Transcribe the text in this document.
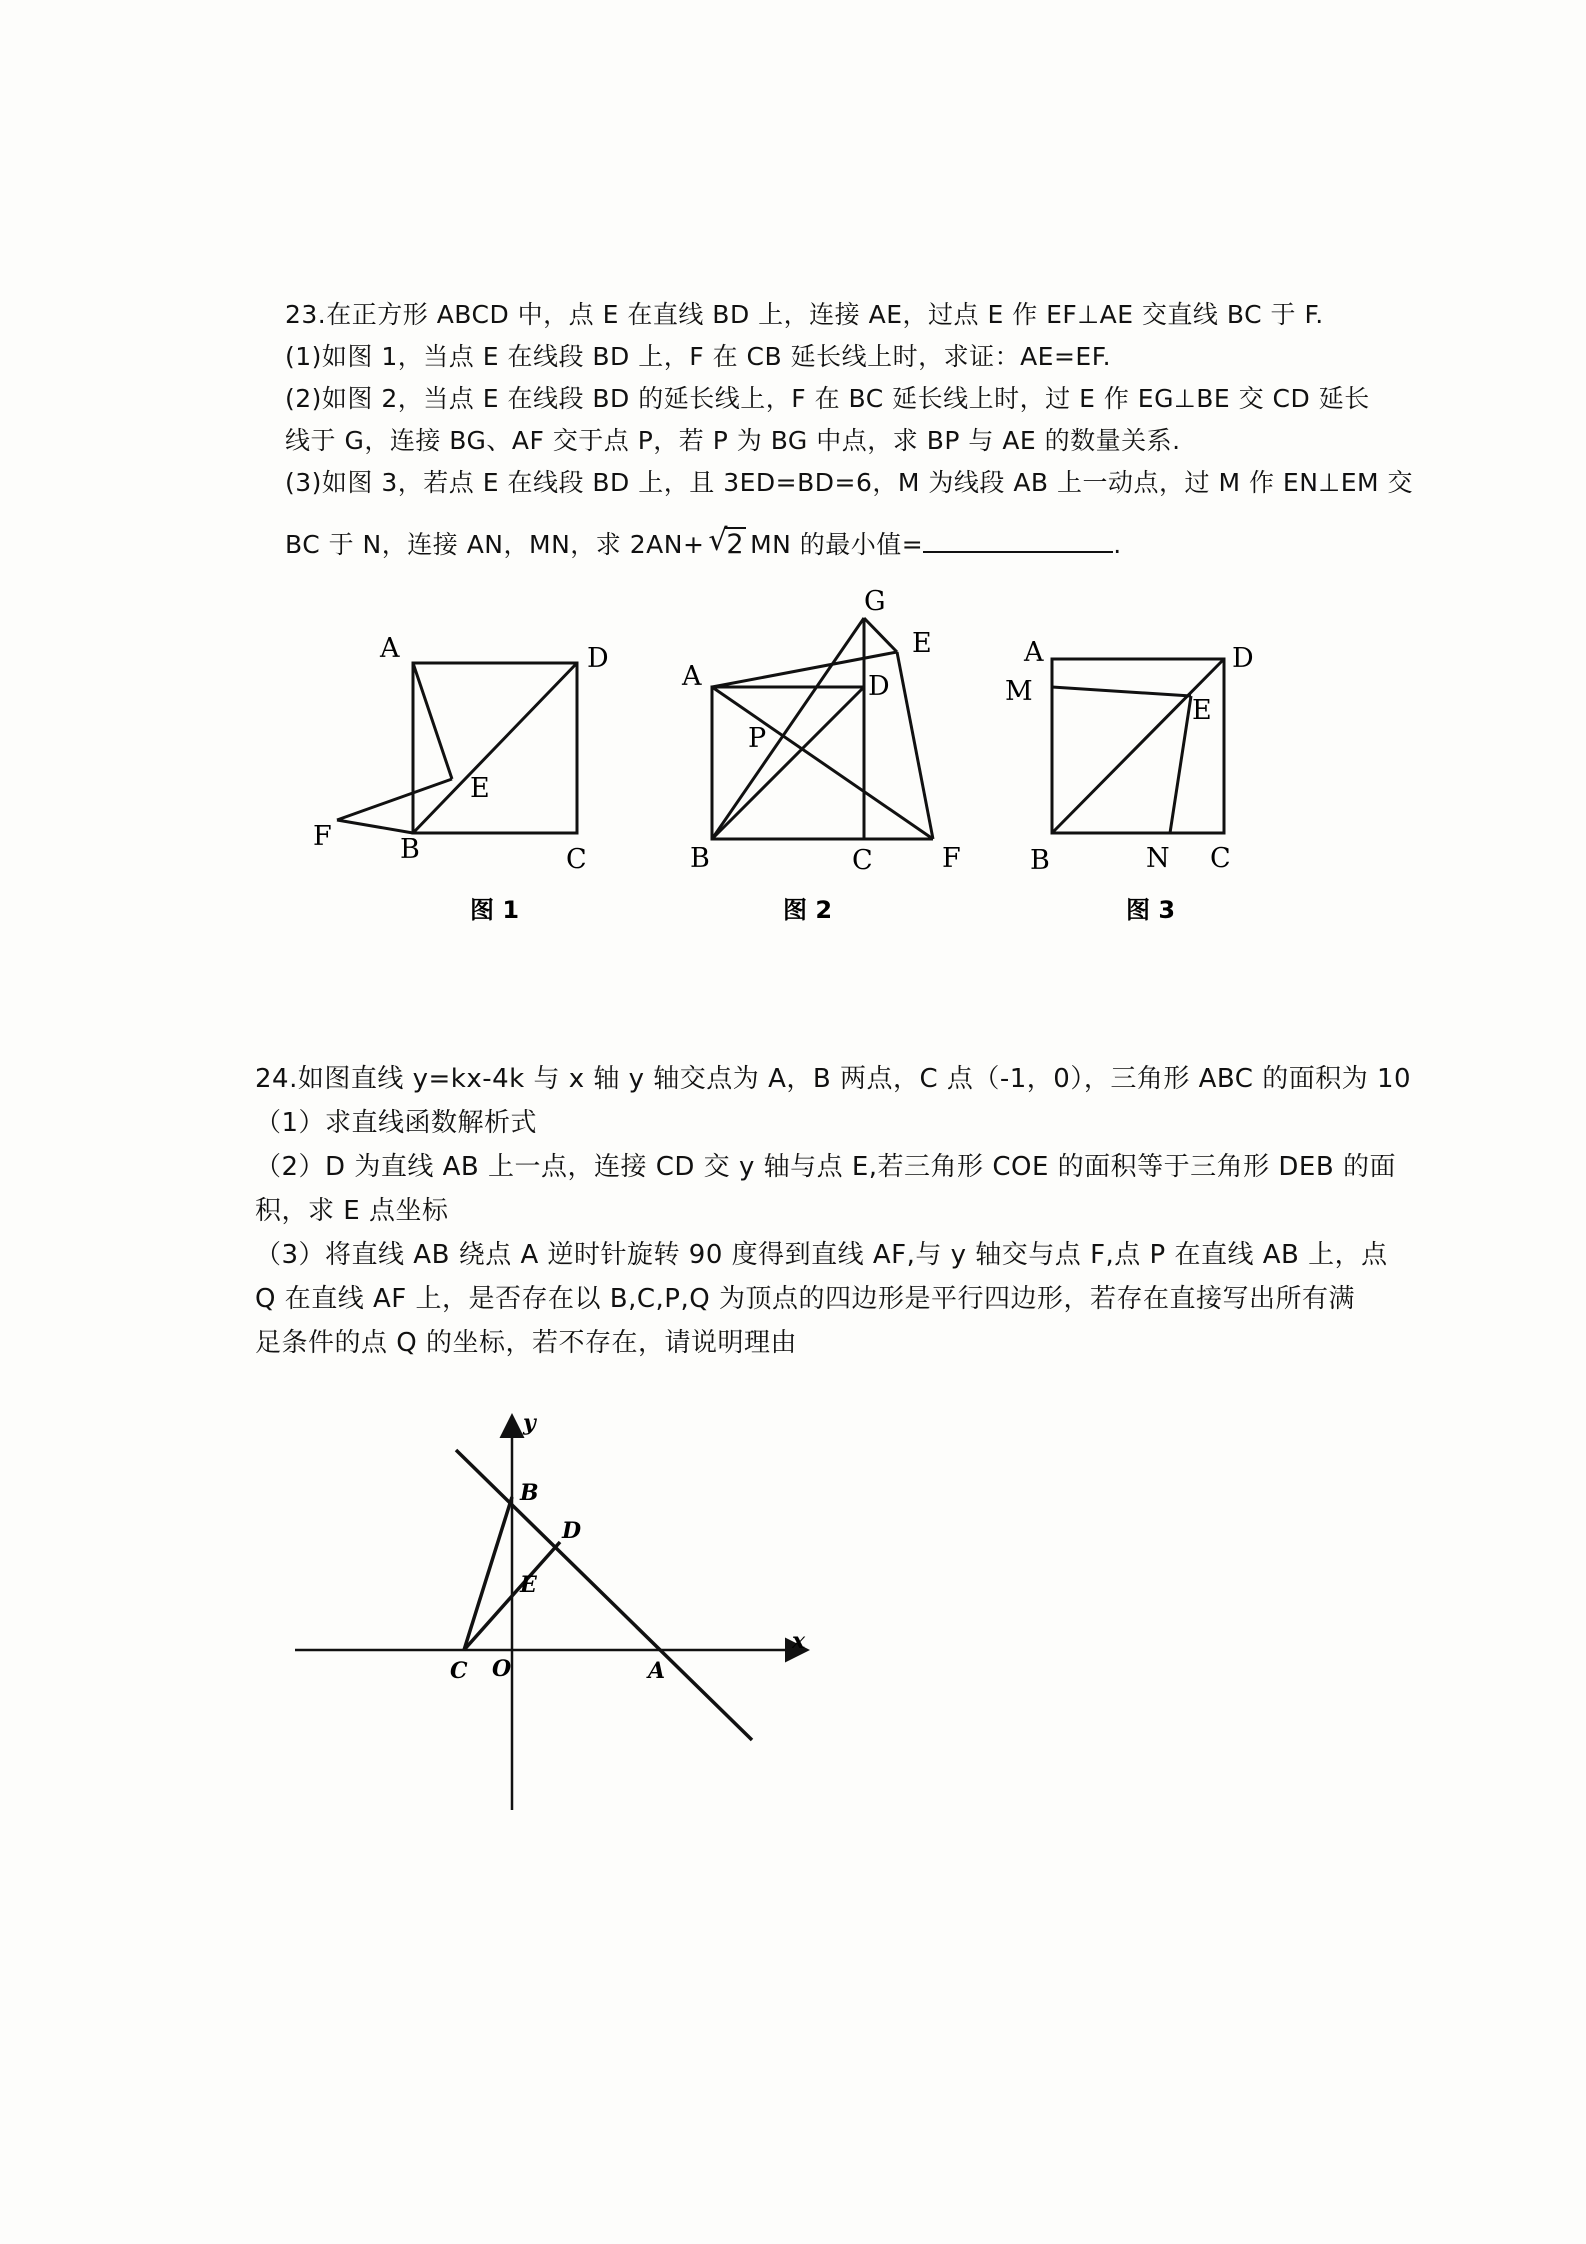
23.在正方形 ABCD 中，点 E 在直线 BD 上，连接 AE，过点 E 作 EF⊥AE 交直线 BC 于 F.
(1)如图 1，当点 E 在线段 BD 上，F 在 CB 延长线上时，求证：AE=EF.
(2)如图 2，当点 E 在线段 BD 的延长线上，F 在 BC 延长线上时，过 E 作 EG⊥BE 交 CD 延长
线于 G，连接 BG、AF 交于点 P，若 P 为 BG 中点，求 BP 与 AE 的数量关系.
(3)如图 3，若点 E 在线段 BD 上，且 3ED=BD=6，M 为线段 AB 上一动点，过 M 作 EN⊥EM 交
BC 于 N，连接 AN，MN，求 2AN+ √
2 MN 的最小值=	.
A	D
E
F	B	C
图 1
G
E
A	D
P
B	C	F
图 2
A	D
M
E
B	N C
图 3
24.如图直线 y=kx-4k 与 x 轴 y 轴交点为 A，B 两点，C 点（-1，0），三角形 ABC 的面积为 10
（1）求直线函数解析式
（2）D 为直线 AB 上一点，连接 CD 交 y 轴与点 E,若三角形 COE 的面积等于三角形 DEB 的面
积，求 E 点坐标
（3）将直线 AB 绕点 A 逆时针旋转 90 度得到直线 AF,与 y 轴交与点 F,点 P 在直线 AB 上，点
Q 在直线 AF 上，是否存在以 B,C,P,Q 为顶点的四边形是平行四边形，若存在直接写出所有满
足条件的点 Q 的坐标，若不存在，请说明理由
y
x
B
D
E
C O	A
